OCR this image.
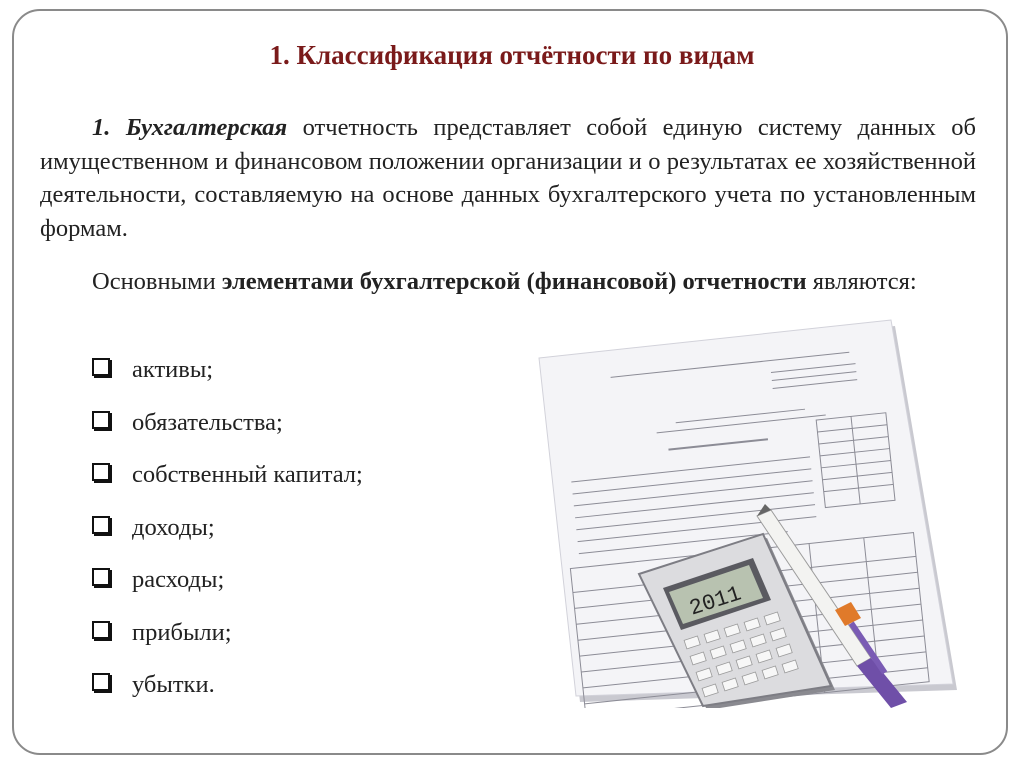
1. Классификация отчётности по видам

1. Бухгалтерская отчетность представляет собой единую систему данных об имущественном и финансовом положении организации и о результатах ее хозяйственной деятельности, составляемую на основе данных бухгалтерского учета по установленным формам.

Основными элементами бухгалтерской (финансовой) отчетности являются:

активы;
обязательства;
собственный капитал;
доходы;
расходы;
прибыли;
убытки.
2011
